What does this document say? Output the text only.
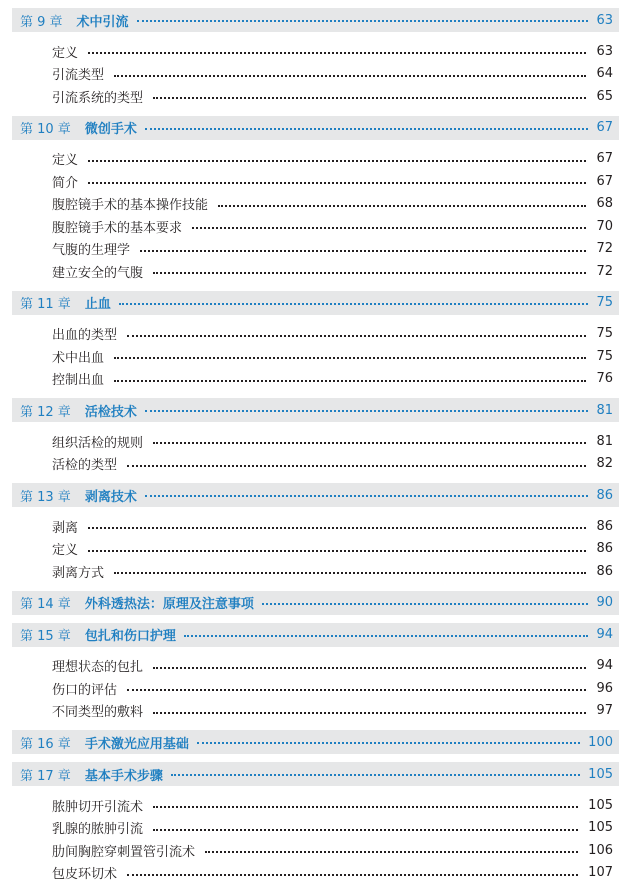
第 9 章 术中引流	63
定义	63
引流类型	64
引流系统的类型	65
第 10 章 微创手术	67
定义	67
简介	67
腹腔镜手术的基本操作技能	68
腹腔镜手术的基本要求	70
气腹的生理学	72
建立安全的气腹	72
第 11 章 止血	75
出血的类型	75
术中出血	75
控制出血	76
第 12 章 活检技术	81
组织活检的规则	81
活检的类型	82
第 13 章 剥离技术	86
剥离	86
定义	86
剥离方式	86
第 14 章 外科透热法：原理及注意事项	90
第 15 章 包扎和伤口护理	94
理想状态的包扎	94
伤口的评估	96
不同类型的敷料	97
第 16 章 手术激光应用基础	100
第 17 章 基本手术步骤	105
脓肿切开引流术	105
乳腺的脓肿引流	105
肋间胸腔穿刺置管引流术	106
包皮环切术	107
